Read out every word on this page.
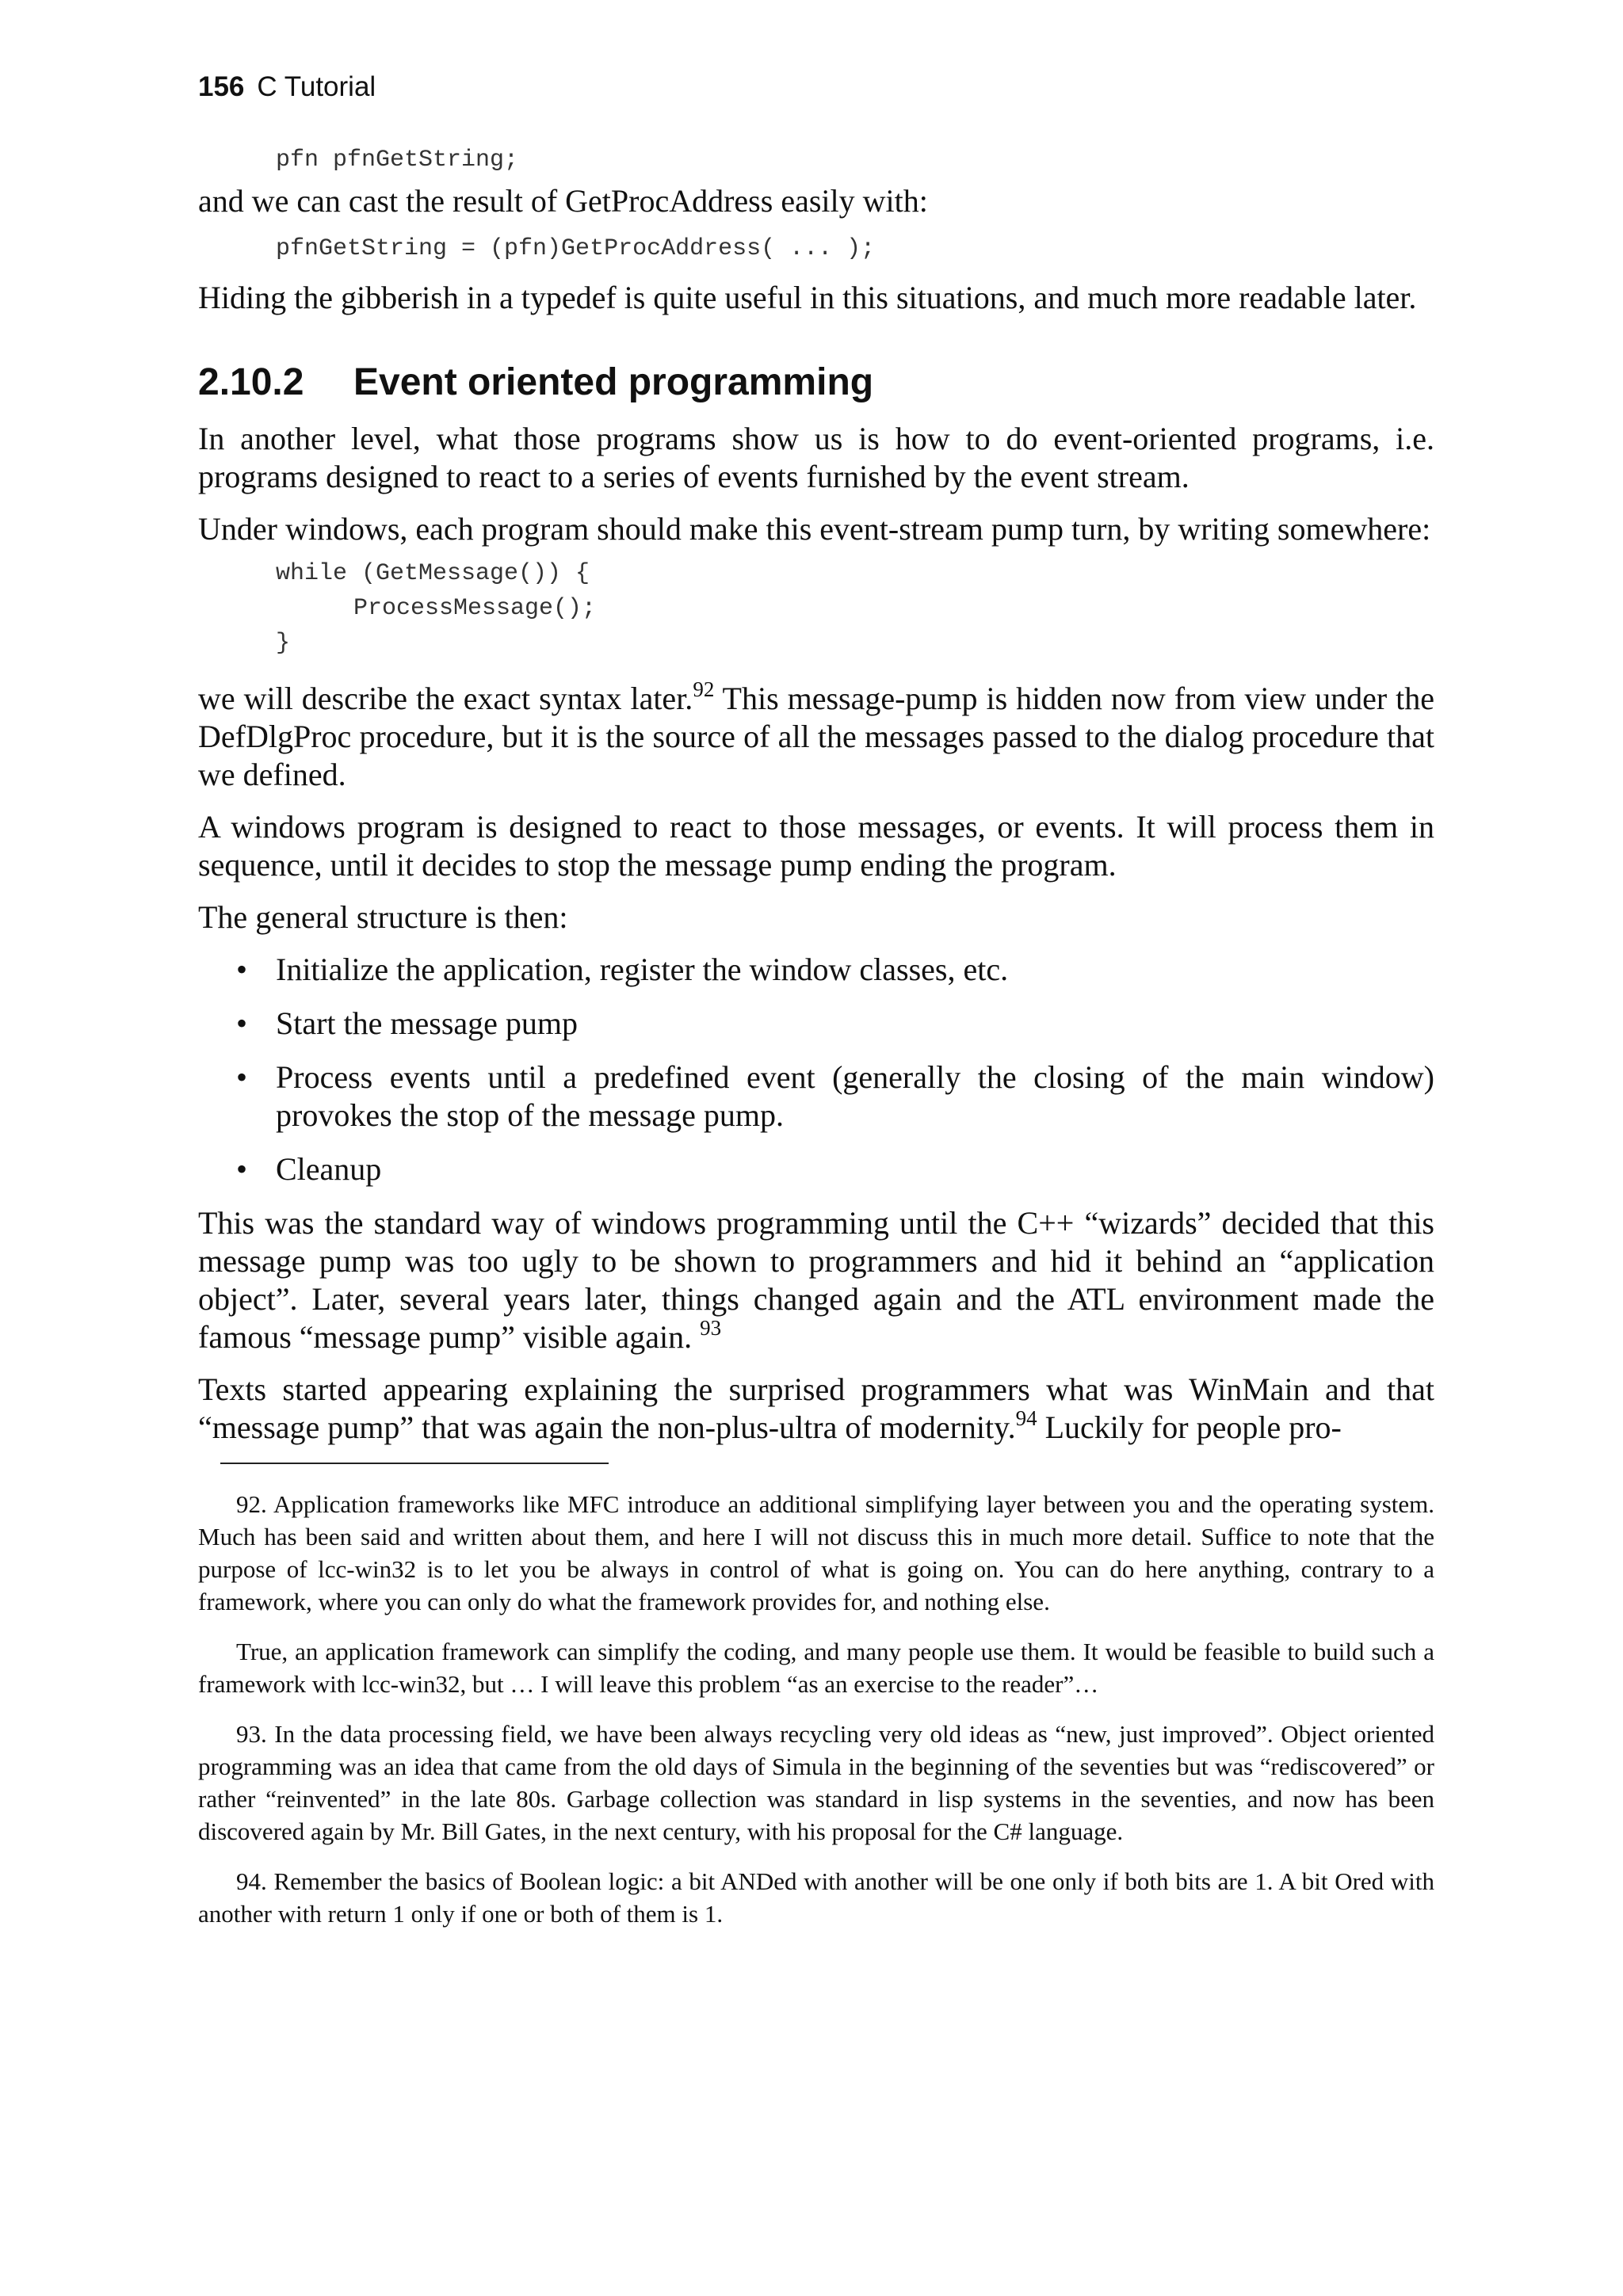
156 C Tutorial
pfn pfnGetString;

and we can cast the result of GetProcAddress easily with:

pfnGetString = (pfn)GetProcAddress( ... );

Hiding the gibberish in a typedef is quite useful in this situations, and much more readable later.

2.10.2 Event oriented programming

In another level, what those programs show us is how to do event-oriented programs, i.e. programs designed to react to a series of events furnished by the event stream.

Under windows, each program should make this event-stream pump turn, by writing somewhere:

while (GetMessage()) {
ProcessMessage();
}

we will describe the exact syntax later.$^{92}$ This message-pump is hidden now from view under the DefDlgProc procedure, but it is the source of all the messages passed to the dialog procedure that we defined.

A windows program is designed to react to those messages, or events. It will process them in sequence, until it decides to stop the message pump ending the program.

The general structure is then:

• Initialize the application, register the window classes, etc.
• Start the message pump
• Process events until a predefined event (generally the closing of the main window) provokes the stop of the message pump.
• Cleanup

This was the standard way of windows programming until the C++ “wizards” decided that this message pump was too ugly to be shown to programmers and hid it behind an “application object”. Later, several years later, things changed again and the ATL environment made the famous “message pump” visible again. $^{93}$

Texts started appearing explaining the surprised programmers what was WinMain and that “message pump” that was again the non-plus-ultra of modernity.$^{94}$ Luckily for people pro-

92. Application frameworks like MFC introduce an additional simplifying layer between you and the operating system. Much has been said and written about them, and here I will not discuss this in much more detail. Suffice to note that the purpose of lcc-win32 is to let you be always in control of what is going on. You can do here anything, contrary to a framework, where you can only do what the framework provides for, and nothing else.

True, an application framework can simplify the coding, and many people use them. It would be feasible to build such a framework with lcc-win32, but … I will leave this problem “as an exercise to the reader”…

93. In the data processing field, we have been always recycling very old ideas as “new, just improved”. Object oriented programming was an idea that came from the old days of Simula in the beginning of the seventies but was “rediscovered” or rather “reinvented” in the late 80s. Garbage collection was standard in lisp systems in the seventies, and now has been discovered again by Mr. Bill Gates, in the next century, with his proposal for the C# language.

94. Remember the basics of Boolean logic: a bit ANDed with another will be one only if both bits are 1. A bit Ored with another with return 1 only if one or both of them is 1.
